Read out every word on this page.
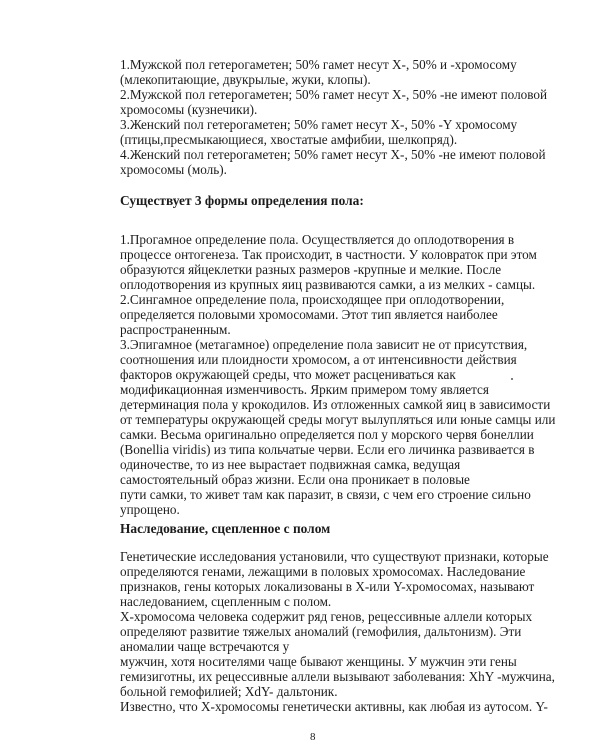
1.Мужской пол гетерогаметен; 50% гамет несут Х-, 50% и -хромосому
(млекопитающие, двукрылые, жуки, клопы).
2.Мужской пол гетерогаметен; 50% гамет несут Х-, 50% -не имеют половой
хромосомы (кузнечики).
3.Женский пол гетерогаметен; 50% гамет несут Х-, 50% -Y хромосому
(птицы,пресмыкающиеся, хвостатые амфибии, шелкопряд).
4.Женский пол гетерогаметен; 50% гамет несут Х-, 50% -не имеют половой
хромосомы (моль).
Существует 3 формы определения пола:
1.Прогамное определение пола. Осуществляется до оплодотворения в
процессе онтогенеза. Так происходит, в частности. У коловраток при этом
образуются яйцеклетки разных размеров -крупные и мелкие. После
оплодотворения из крупных яиц развиваются самки, а из мелких - самцы.
2.Сингамное определение пола, происходящее при оплодотворении,
определяется половыми хромосомами. Этот тип является наиболее
распространенным.
3.Эпигамное (метагамное) определение пола зависит не от присутствия,
соотношения или плоидности хромосом, а от интенсивности действия
факторов окружающей среды, что может расцениваться как
модификационная изменчивость. Ярким примером тому является
детерминация пола у крокодилов. Из отложенных самкой яиц в зависимости
от температуры окружающей среды могут вылупляться или юные самцы или
самки. Весьма оригинально определяется пол у морского червя бонеллии
(Bonellia viridis) из типа кольчатые черви. Если его личинка развивается в
одиночестве, то из нее вырастает подвижная самка, ведущая
самостоятельный образ жизни. Если она проникает в половые
пути самки, то живет там как паразит, в связи, с чем его строение сильно
упрощено.
Наследование, сцепленное с полом
Генетические исследования установили, что существуют признаки, которые
определяются генами, лежащими в половых хромосомах. Наследование
признаков, гены которых локализованы в X-или Y-хромосомах, называют
наследованием, сцепленным с полом.
X-хромосома человека содержит ряд генов, рецессивные аллели которых
определяют развитие тяжелых аномалий (гемофилия, дальтонизм). Эти
аномалии чаще встречаются у
мужчин, хотя носителями чаще бывают женщины. У мужчин эти гены
гемизиготны, их рецессивные аллели вызывают заболевания: XhY -мужчина,
больной гемофилией; XdY- дальтоник.
Известно, что X-хромосомы генетически активны, как любая из аутосом. Y-
8
